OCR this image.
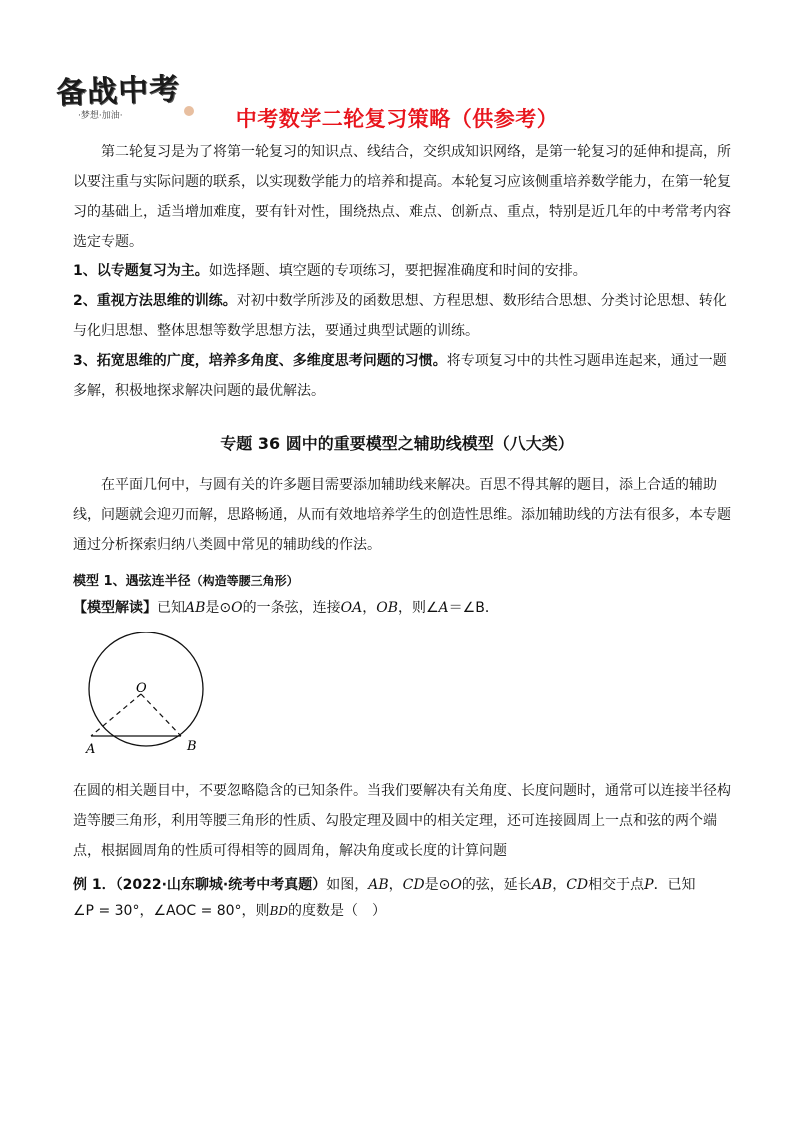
备战中考
·梦想·加油·	中考数学二轮复习策略（供参考）

第二轮复习是为了将第一轮复习的知识点、线结合，交织成知识网络，是第一轮复习的延伸和提高，所以要注重与实际问题的联系，以实现数学能力的培养和提高。本轮复习应该侧重培养数学能力，在第一轮复习的基础上，适当增加难度，要有针对性，围绕热点、难点、创新点、重点，特别是近几年的中考常考内容选定专题。

1、以专题复习为主。如选择题、填空题的专项练习，要把握准确度和时间的安排。

2、重视方法思维的训练。对初中数学所涉及的函数思想、方程思想、数形结合思想、分类讨论思想、转化与化归思想、整体思想等数学思想方法，要通过典型试题的训练。

3、拓宽思维的广度，培养多角度、多维度思考问题的习惯。将专项复习中的共性习题串连起来，通过一题多解，积极地探求解决问题的最优解法。

专题 36 圆中的重要模型之辅助线模型（八大类）

在平面几何中，与圆有关的许多题目需要添加辅助线来解决。百思不得其解的题目，添上合适的辅助线，问题就会迎刃而解，思路畅通，从而有效地培养学生的创造性思维。添加辅助线的方法有很多，本专题通过分析探索归纳八类圆中常见的辅助线的作法。

模型 1、遇弦连半径（构造等腰三角形）

【模型解读】已知AB是⊙O的一条弦，连接OA，OB，则∠A＝∠B．

O
A	B

在圆的相关题目中，不要忽略隐含的已知条件。当我们要解决有关角度、长度问题时，通常可以连接半径构造等腰三角形，利用等腰三角形的性质、勾股定理及圆中的相关定理，还可连接圆周上一点和弦的两个端点，根据圆周角的性质可得相等的圆周角，解决角度或长度的计算问题

例 1．（2022·山东聊城·统考中考真题）如图，AB，CD是⊙O的弦，延长AB，CD相交于点P．已知
∠P = 30°，∠AOC = 80°，则BD的度数是（　）
